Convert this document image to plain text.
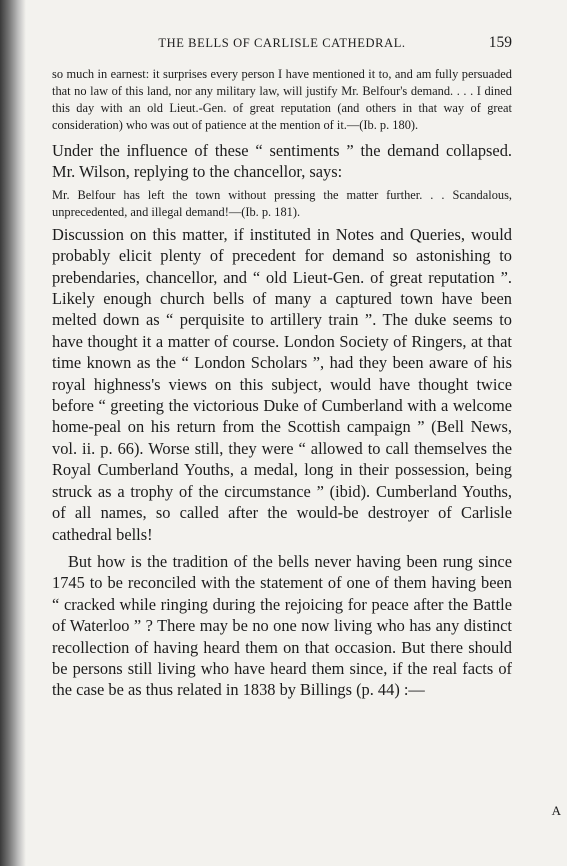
THE BELLS OF CARLISLE CATHEDRAL.	159

so much in earnest: it surprises every person I have mentioned it to, and am fully persuaded that no law of this land, nor any military law, will justify Mr. Belfour's demand. . . . I dined this day with an old Lieut.-Gen. of great reputation (and others in that way of great consideration) who was out of patience at the mention of it.—(Ib. p. 180).

Under the influence of these “ sentiments ” the demand collapsed. Mr. Wilson, replying to the chancellor, says:

Mr. Belfour has left the town without pressing the matter further. . . Scandalous, unprecedented, and illegal demand!—(Ib. p. 181).

Discussion on this matter, if instituted in Notes and Queries, would probably elicit plenty of precedent for demand so astonishing to prebendaries, chancellor, and “ old Lieut-Gen. of great reputation ”. Likely enough church bells of many a captured town have been melted down as “ perquisite to artillery train ”. The duke seems to have thought it a matter of course. London Society of Ringers, at that time known as the “ London Scholars ”, had they been aware of his royal highness's views on this subject, would have thought twice before “ greeting the victorious Duke of Cumberland with a welcome home-peal on his return from the Scottish campaign ” (Bell News, vol. ii. p. 66). Worse still, they were “ allowed to call themselves the Royal Cumberland Youths, a medal, long in their possession, being struck as a trophy of the circumstance ” (ibid). Cumberland Youths, of all names, so called after the would-be destroyer of Carlisle cathedral bells!

But how is the tradition of the bells never having been rung since 1745 to be reconciled with the statement of one of them having been “ cracked while ringing during the rejoicing for peace after the Battle of Waterloo ” ? There may be no one now living who has any distinct recollection of having heard them on that occasion. But there should be persons still living who have heard them since, if the real facts of the case be as thus related in 1838 by Billings (p. 44) :—

A
